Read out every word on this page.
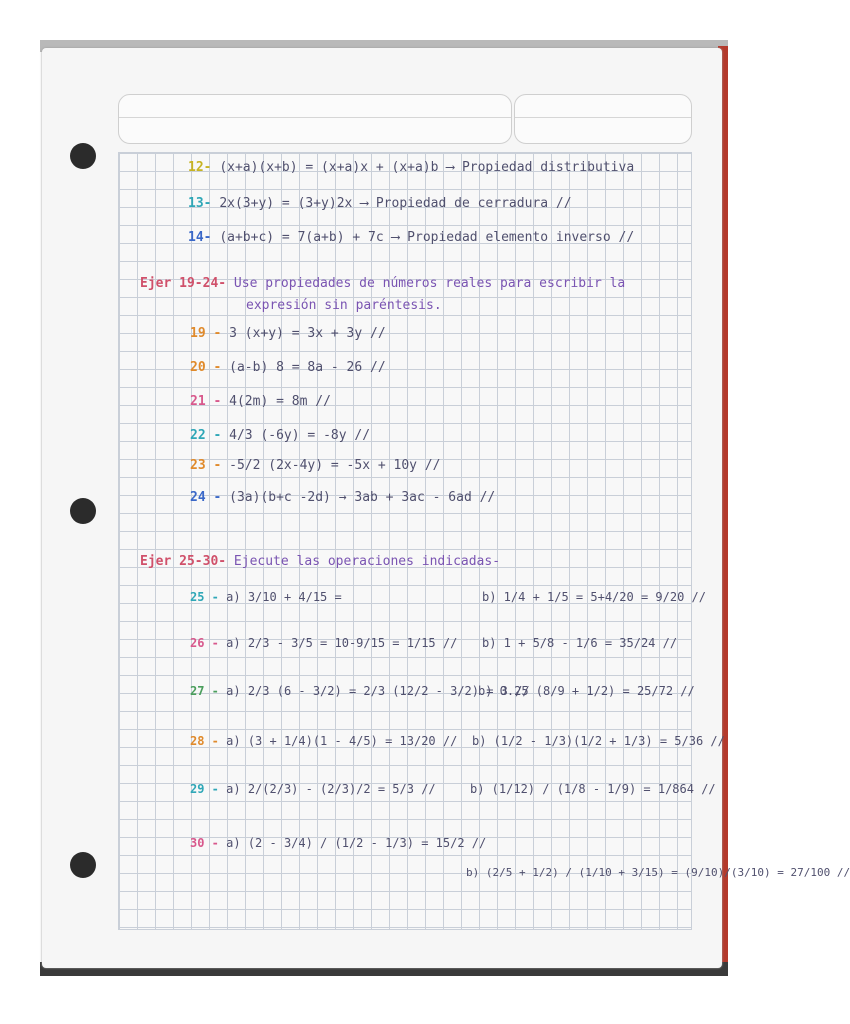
12- (x+a)(x+b) = (x+a)x + (x+a)b ⟶ Propiedad distributiva
13- 2x(3+y) = (3+y)2x ⟶ Propiedad de cerradura //
14- (a+b+c) = 7(a+b) + 7c ⟶ Propiedad elemento inverso //
Ejer 19-24- Use propiedades de números reales para escribir la
expresión sin paréntesis.
19 - 3 (x+y) = 3x + 3y //
20 - (a-b) 8 = 8a - 26 //
21 - 4(2m) = 8m //
22 - 4/3 (-6y) = -8y //
23 - -5/2 (2x-4y) = -5x + 10y //
24 - (3a)(b+c -2d) → 3ab + 3ac - 6ad //
Ejer 25-30- Ejecute las operaciones indicadas-
25 - a) 3/10 + 4/15 =	b) 1/4 + 1/5 = 5+4/20 = 9/20 //
26 - a) 2/3 - 3/5 = 10-9/15 = 1/15 // b) 1 + 5/8 - 1/6 = 35/24 //
27 - a) 2/3 (6 - 3/2) = 2/3 (12/2 - 3/2) = 3 //
b) 0.25 (8/9 + 1/2) = 25/72 //
28 - a) (3 + 1/4)(1 - 4/5) = 13/20 // b) (1/2 - 1/3)(1/2 + 1/3) = 5/36 //
29 - a) 2/(2/3) - (2/3)/2 = 5/3 //	b) (1/12) / (1/8 - 1/9) = 1/864 //
30 - a) (2 - 3/4) / (1/2 - 1/3) = 15/2 //
b) (2/5 + 1/2) / (1/10 + 3/15) = (9/10)/(3/10) = 27/100 //
